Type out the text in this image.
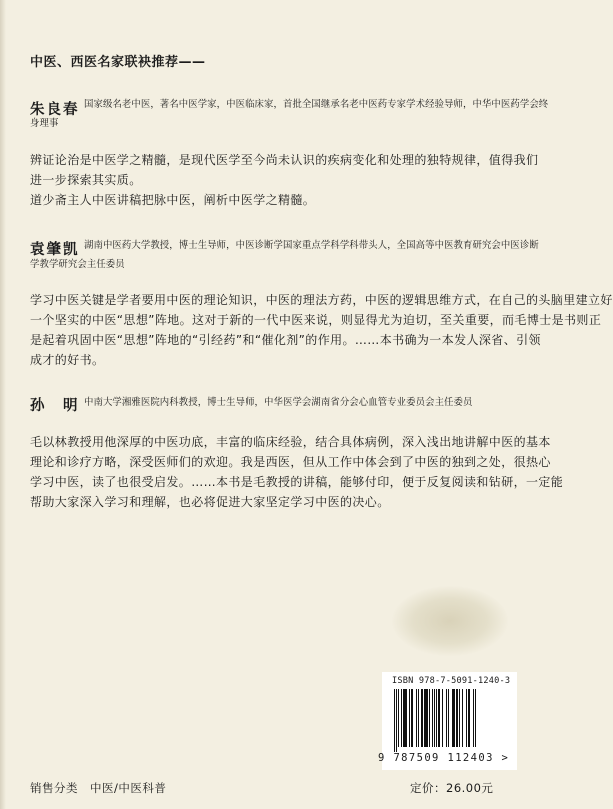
中医、西医名家联袂推荐——
朱良春 国家级名老中医，著名中医学家，中医临床家，首批全国继承名老中医药专家学术经验导师，中华中医药学会终
身理事
辨证论治是中医学之精髓，是现代医学至今尚未认识的疾病变化和处理的独特规律，值得我们
进一步探索其实质。
道少斋主人中医讲稿把脉中医，阐析中医学之精髓。
袁肇凯 湖南中医药大学教授，博士生导师，中医诊断学国家重点学科学科带头人，全国高等中医教育研究会中医诊断
学教学研究会主任委员
学习中医关键是学者要用中医的理论知识，中医的理法方药，中医的逻辑思维方式，在自己的头脑里建立好
一个坚实的中医“思想”阵地。这对于新的一代中医来说，则显得尤为迫切，至关重要，而毛博士是书则正
是起着巩固中医“思想”阵地的“引经药”和“催化剂”的作用。……本书确为一本发人深省、引领
成才的好书。
孙　明 中南大学湘雅医院内科教授，博士生导师，中华医学会湖南省分会心血管专业委员会主任委员
毛以林教授用他深厚的中医功底，丰富的临床经验，结合具体病例，深入浅出地讲解中医的基本
理论和诊疗方略，深受医师们的欢迎。我是西医，但从工作中体会到了中医的独到之处，很热心
学习中医，读了也很受启发。……本书是毛教授的讲稿，能够付印，便于反复阅读和钻研，一定能
帮助大家深入学习和理解，也必将促进大家坚定学习中医的决心。
ISBN 978-7-5091-1240-3
9 787509 112403 >
销售分类　中医/中医科普	定价：26.00元
